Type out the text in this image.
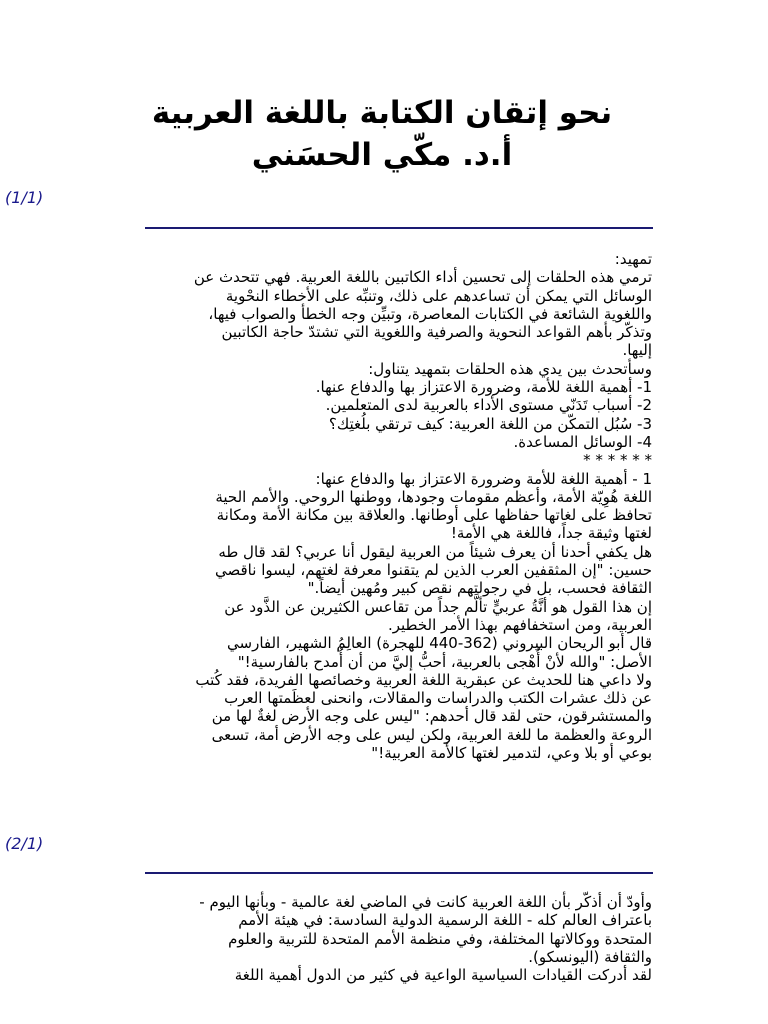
نحو إتقان الكتابة باللغة العربية
أ.د. مكّي الحسَني

(1/1)

تمهيد:

ترمي هذه الحلقات إلى تحسين أداء الكاتبين باللغة العربية. فهي تتحدث عن

الوسائل التي يمكن أن تساعدهم على ذلك، وتنبِّه على الأخطاء النحْوية

واللغوية الشائعة في الكتابات المعاصرة، وتبيِّن وجه الخطأ والصواب فيها،

وتذكّر بأهم القواعد النحوية والصرفية واللغوية التي تشتدّ حاجة الكاتبين

إليها.

وسأتحدث بين يدي هذه الحلقات بتمهيد يتناول:

1- أهمية اللغة للأمة، وضرورة الاعتزاز بها والدفاع عنها.

2- أسباب تَدَنّي مستوى الأداء بالعربية لدى المتعلمين.

3- سُبُل التمكّن من اللغة العربية: كيف ترتقي بلُغتِك؟

4- الوسائل المساعدة.

* * * * * *

1 - أهمية اللغة للأمة وضرورة الاعتزاز بها والدفاع عنها:

اللغة هُوِيّة الأمة، وأعظم مقومات وجودها، ووطنها الروحي. والأمم الحية

تحافظ على لغاتها حفاظها على أوطانها. والعلاقة بين مكانة الأمة ومكانة

لغتها وثيقة جداً، فاللغة هي الأمة!

هل يكفي أحدنا أن يعرف شيئاً من العربية ليقول أنا عربي؟ لقد قال طه

حسين: "إن المثقفين العرب الذين لم يتقنوا معرفة لغتهم، ليسوا ناقصي

الثقافة فحسب، بل في رجولتهم نقص كبير ومُهين أيضاً."

إن هذا القول هو أنَّةُ عربيٍّ تألَّم جداً من تقاعس الكثيرين عن الذَّود عن

العربية، ومن استخفافهم بهذا الأمر الخطير.

قال أبو الريحان البيروني (362-440 للهجرة) العالِمُ الشهير، الفارسي

الأصل: "والله لأنْ أُهْجى بالعربية، أحبُّ إليَّ من أن أُمدح بالفارسية!"

ولا داعي هنا للحديث عن عبقرية اللغة العربية وخصائصها الفريدة، فقد كُتب

عن ذلك عشرات الكتب والدراسات والمقالات، وانحنى لعظَمتها العرب

والمستشرقون، حتى لقد قال أحدهم: "ليس على وجه الأرض لغةٌ لها من

الروعة والعظمة ما للغة العربية، ولكن ليس على وجه الأرض أمة، تسعى

بوعي أو بلا وعي، لتدمير لغتها كالأمة العربية!"

(2/1)

وأودّ أن أذكّر بأن اللغة العربية كانت في الماضي لغة عالمية - وبأنها اليوم -

باعتراف العالم كله - اللغة الرسمية الدولية السادسة: في هيئة الأمم

المتحدة ووكالاتها المختلفة، وفي منظمة الأمم المتحدة للتربية والعلوم

والثقافة (اليونسكو).

لقد أدركت القيادات السياسية الواعية في كثير من الدول أهمية اللغة
